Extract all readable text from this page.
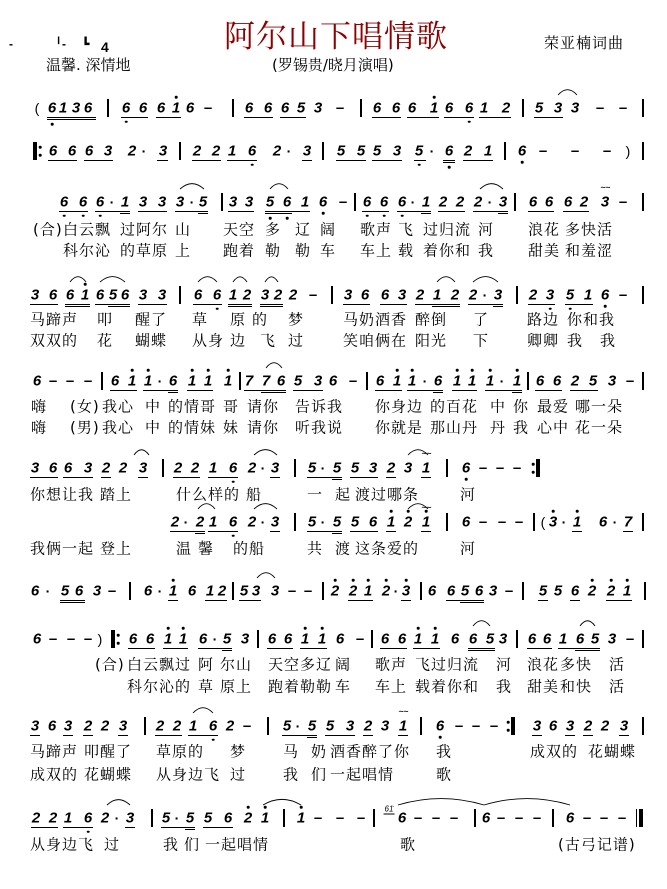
-	╵ - ┗ 4	阿尔山下唱情歌	荣亚楠词曲
温馨. 深情地	(罗锡贵/晓月演唱)
( 6 1 3 6 6 6 6 1 6 – 6 6 6 5 3 – 6 6 6 1 6 6 1 2 5 3 3 – –
6 6 6 3 2 · 3 2 2 1 6 2 · 3 5 5 5 3 5 · 6 2 1 6 – – – )
6 6 6 · 1 3 3 3 · 5 3 3 5 6 1 6 – 6 6 6 · 1 2 2 2 · 3 6 6 6 2 3
~~
–
(合) 白云飘 过阿尔 山 天空 多 辽 阔 歌声 飞 过归流 河 浪花 多快活
科尔沁 的草原 上 跑着 勒 勒 车 车上 载 着你和 我 甜美 和羞涩
3 6 6 1 6 5 6 3 3 6 6 1 2 3 2 2 – 3 6 6 3 2 1 2 2 · 3 2 3 5 1 6 –
马蹄声 叩 醒了 草 原 的 梦	马奶酒香 醉倒 了	路边 你和我
双双的 花 蝴蝶 从身 边 飞 过	笑咱俩在 阳光 下	卿卿 我 我
6 – – – 6 1 1 · 6 1 1 1 7 7 6 5 3 6 – 6 1 1 · 6 1 1 1 · 1 6 6 2 5 3 –
嗨 (女) 我心 中 的情哥 哥 请你 告诉我 你身边 的百花 中 你 最爱 哪一朵
嗨 (男) 我心 中 的情妹 妹 请你 听我说 你就是 那山丹 丹 我 心中 花一朵
3 6 6 3 2 2 3 2 2 1 6 2 · 3 5 · 5 5 3 2 3 1
~~
6 – – –
你想让我 踏上	什么样的 船	一 起 渡过哪条	河
2 · 2 1 6 2 · 3 5 · 5 5 6 1 2 1
~~
6 – – – ( 3 · 1 6 · 7
我俩一起 登上	温 馨 的船	共 渡 这条爱的	河
6 · 5 6 3 – 6 · 1 6 1 2 5 3 3 – – 2 2 1 2 · 3 6 6 5 6 3 – 5 5 6 2 2 1
6 – – – ) 6 6 1 1 6 · 5 3 6 6 1 1 6 – 6 6 1 1 6 6 5 3 6 6 1 6 5 3 –
(合) 白云飘过 阿 尔山 天空多辽 阔 歌声 飞过归流 河 浪花 多快 活
科尔沁的 草 原上 跑着勒勒 车 车上 载着你和 我 甜美 和快 活
3 6 3 2 2 3 2 2 1 6 2 – 5 · 5 5 3 2 3 1
~~
6 – – – 3 6 3 2 2 3
马蹄声 叩醒了 草原的 梦 马 奶 酒香醉了你 我	成双的 花蝴蝶
成双的 花蝴蝶 从身边飞 过 我 们 一起唱情	歌
2 2 1 6 2 · 3 5 · 5 5 6 2 1 1 – – –
61̇
6 – – – 6 – – – 6 – – –
从身边飞 过	我 们 一起唱情	歌	(古弓记谱)
